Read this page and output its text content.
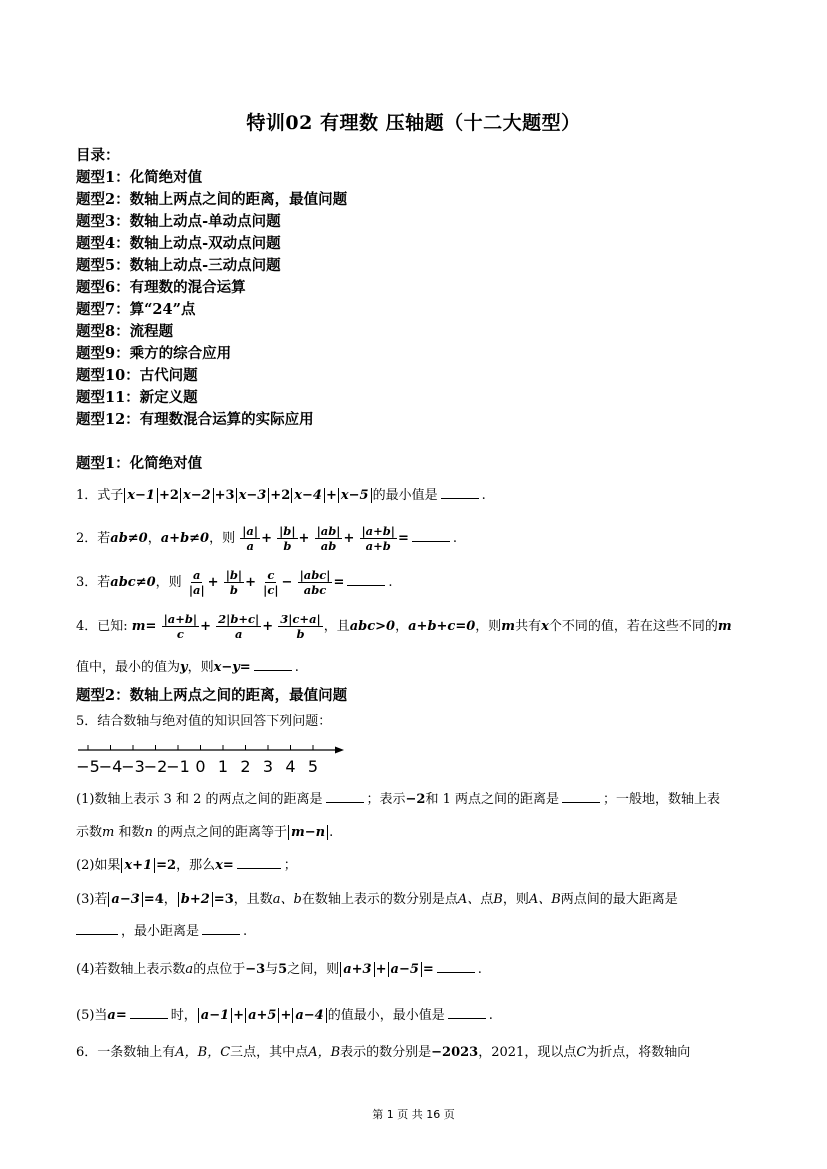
特训02 有理数 压轴题（十二大题型）
目录：
题型1：化简绝对值
题型2：数轴上两点之间的距离，最值问题
题型3：数轴上动点-单动点问题
题型4：数轴上动点-双动点问题
题型5：数轴上动点-三动点问题
题型6：有理数的混合运算
题型7：算“24”点
题型8：流程题
题型9：乘方的综合应用
题型10：古代问题
题型11：新定义题
题型12：有理数混合运算的实际应用
题型1：化简绝对值
1．式子 x−1 +2 x−2 +3 x−3 +2 x−4 + x−5 的最小值是	.
2．若ab≠0，a+b≠0，则 $\frac{|a|}{a} + \frac{|b|}{b} + \frac{|ab|}{ab} + \frac{|a+b|}{a+b}$ =	.
3．若abc≠0，则 $\frac{a}{|a|} + \frac{|b|}{b} + \frac{c}{|c|} - \frac{\text{|abc|}}{\text{abc}}$ =	.
4．已知: $m= \frac{|a+b|}{c} + \frac{2|b+c|}{a} + \frac{3|c+a|}{b}$ ，且abc>0，a+b+c=0，则m共有x个不同的值，若在这些不同的m
值中，最小的值为y，则x−y=	.
题型2：数轴上两点之间的距离，最值问题
5．结合数轴与绝对值的知识回答下列问题：
−5
−4
−3
−2
−1 0 1 2 3 4 5
(1)数轴上表示 3 和 2 的两点之间的距离是	；表示−2和 1 两点之间的距离是	；一般地，数轴上表
示数m 和数n 的两点之间的距离等于 m−n .
(2)如果 x+1 =2，那么x=	；
(3)若 a−3 =4， b+2 =3，且数a、b在数轴上表示的数分别是点A、点B，则A、B两点间的最大距离是
，最小距离是	.
(4)若数轴上表示数a的点位于−3与5之间，则 a+3 + a−5 =	.
(5)当a=	时， a−1 + a+5 + a−4 的值最小，最小值是	.
6．一条数轴上有A，B，C三点，其中点A，B表示的数分别是−2023，2021，现以点C为折点，将数轴向
第 1 页 共 16 页
